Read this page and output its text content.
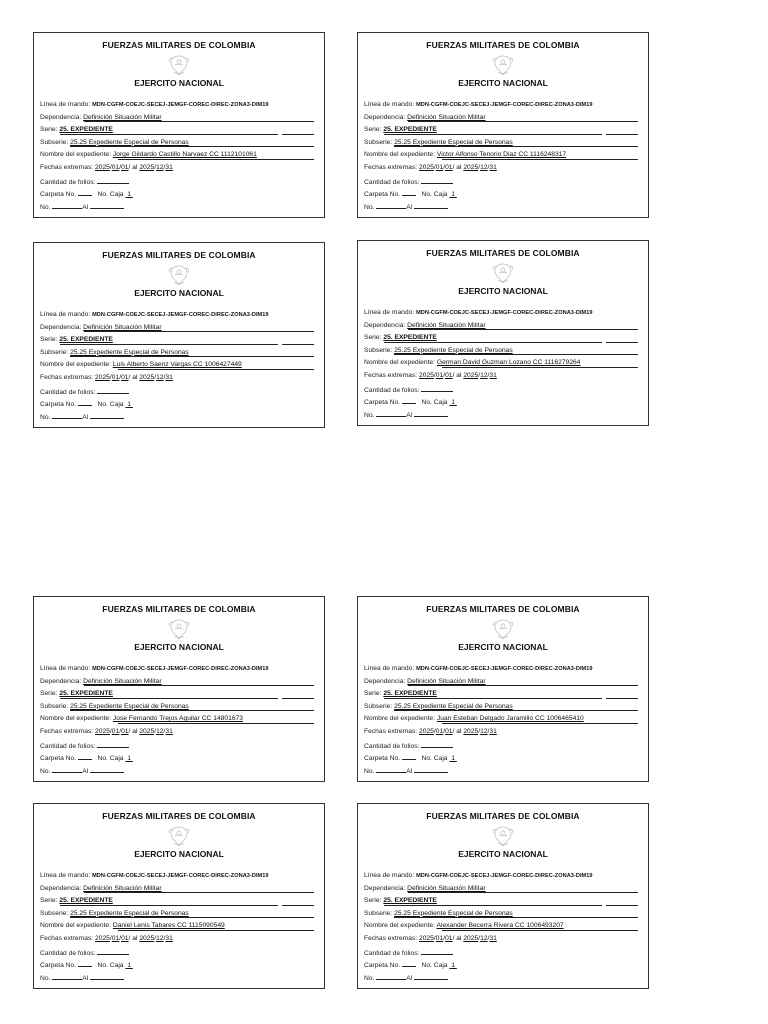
FUERZAS MILITARES DE COLOMBIA
EJERCITO NACIONAL
Línea de mando: MDN-CGFM-COEJC-SECEJ-JEMGF-COREC-DIREC-ZONA3-DIM19
Dependencia: Definición Situación Militar
Serie: 25. EXPEDIENTE
Subserie: 25.25 Expediente Especial de Personas
Nombre del expediente: Jorge Gildardo Castillo Narvaez CC 1112101061
Fechas extremas: 2025/01/01/ al 2025/12/31
Cantidad de folios:
Carpeta No.	No. Caja 1
No.	Al
FUERZAS MILITARES DE COLOMBIA
EJERCITO NACIONAL
Línea de mando: MDN-CGFM-COEJC-SECEJ-JEMGF-COREC-DIREC-ZONA3-DIM19
Dependencia: Definición Situación Militar
Serie: 25. EXPEDIENTE
Subserie: 25.25 Expediente Especial de Personas
Nombre del expediente: Victor Alfonso Tenorio Diaz CC 1116248317
Fechas extremas: 2025/01/01/ al 2025/12/31
Cantidad de folios:
Carpeta No.	No. Caja 1
No.	Al
FUERZAS MILITARES DE COLOMBIA
EJERCITO NACIONAL
Línea de mando: MDN-CGFM-COEJC-SECEJ-JEMGF-COREC-DIREC-ZONA3-DIM19
Dependencia: Definición Situación Militar
Serie: 25. EXPEDIENTE
Subserie: 25.25 Expediente Especial de Personas
Nombre del expediente: Luis Alberto Saenz Vargas CC 1006427449
Fechas extremas: 2025/01/01/ al 2025/12/31
Cantidad de folios:
Carpeta No.	No. Caja 1
No.	Al
FUERZAS MILITARES DE COLOMBIA
EJERCITO NACIONAL
Línea de mando: MDN-CGFM-COEJC-SECEJ-JEMGF-COREC-DIREC-ZONA3-DIM19
Dependencia: Definición Situación Militar
Serie: 25. EXPEDIENTE
Subserie: 25.25 Expediente Especial de Personas
Nombre del expediente: German David Guzman Lozano CC 1116279264
Fechas extremas: 2025/01/01/ al 2025/12/31
Cantidad de folios:
Carpeta No.	No. Caja 1
No.	Al
FUERZAS MILITARES DE COLOMBIA
EJERCITO NACIONAL
Línea de mando: MDN-CGFM-COEJC-SECEJ-JEMGF-COREC-DIREC-ZONA3-DIM19
Dependencia: Definición Situación Militar
Serie: 25. EXPEDIENTE
Subserie: 25.25 Expediente Especial de Personas
Nombre del expediente: Jose Fernando Trejos Aguilar CC 14801673
Fechas extremas: 2025/01/01/ al 2025/12/31
Cantidad de folios:
Carpeta No.	No. Caja 1
No.	Al
FUERZAS MILITARES DE COLOMBIA
EJERCITO NACIONAL
Línea de mando: MDN-CGFM-COEJC-SECEJ-JEMGF-COREC-DIREC-ZONA3-DIM19
Dependencia: Definición Situación Militar
Serie: 25. EXPEDIENTE
Subserie: 25.25 Expediente Especial de Personas
Nombre del expediente: Juan Esteban Delgado Jaramillo CC 1006465410
Fechas extremas: 2025/01/01/ al 2025/12/31
Cantidad de folios:
Carpeta No.	No. Caja 1
No.	Al
FUERZAS MILITARES DE COLOMBIA
EJERCITO NACIONAL
Línea de mando: MDN-CGFM-COEJC-SECEJ-JEMGF-COREC-DIREC-ZONA3-DIM19
Dependencia: Definición Situación Militar
Serie: 25. EXPEDIENTE
Subserie: 25.25 Expediente Especial de Personas
Nombre del expediente: Daniel Lenis Tabares CC 1115090549
Fechas extremas: 2025/01/01/ al 2025/12/31
Cantidad de folios:
Carpeta No.	No. Caja 1
No.	Al
FUERZAS MILITARES DE COLOMBIA
EJERCITO NACIONAL
Línea de mando: MDN-CGFM-COEJC-SECEJ-JEMGF-COREC-DIREC-ZONA3-DIM19
Dependencia: Definición Situación Militar
Serie: 25. EXPEDIENTE
Subserie: 25.25 Expediente Especial de Personas
Nombre del expediente: Alexander Becerra Rivera CC 1006493207
Fechas extremas: 2025/01/01/ al 2025/12/31
Cantidad de folios:
Carpeta No.	No. Caja 1
No.	Al
